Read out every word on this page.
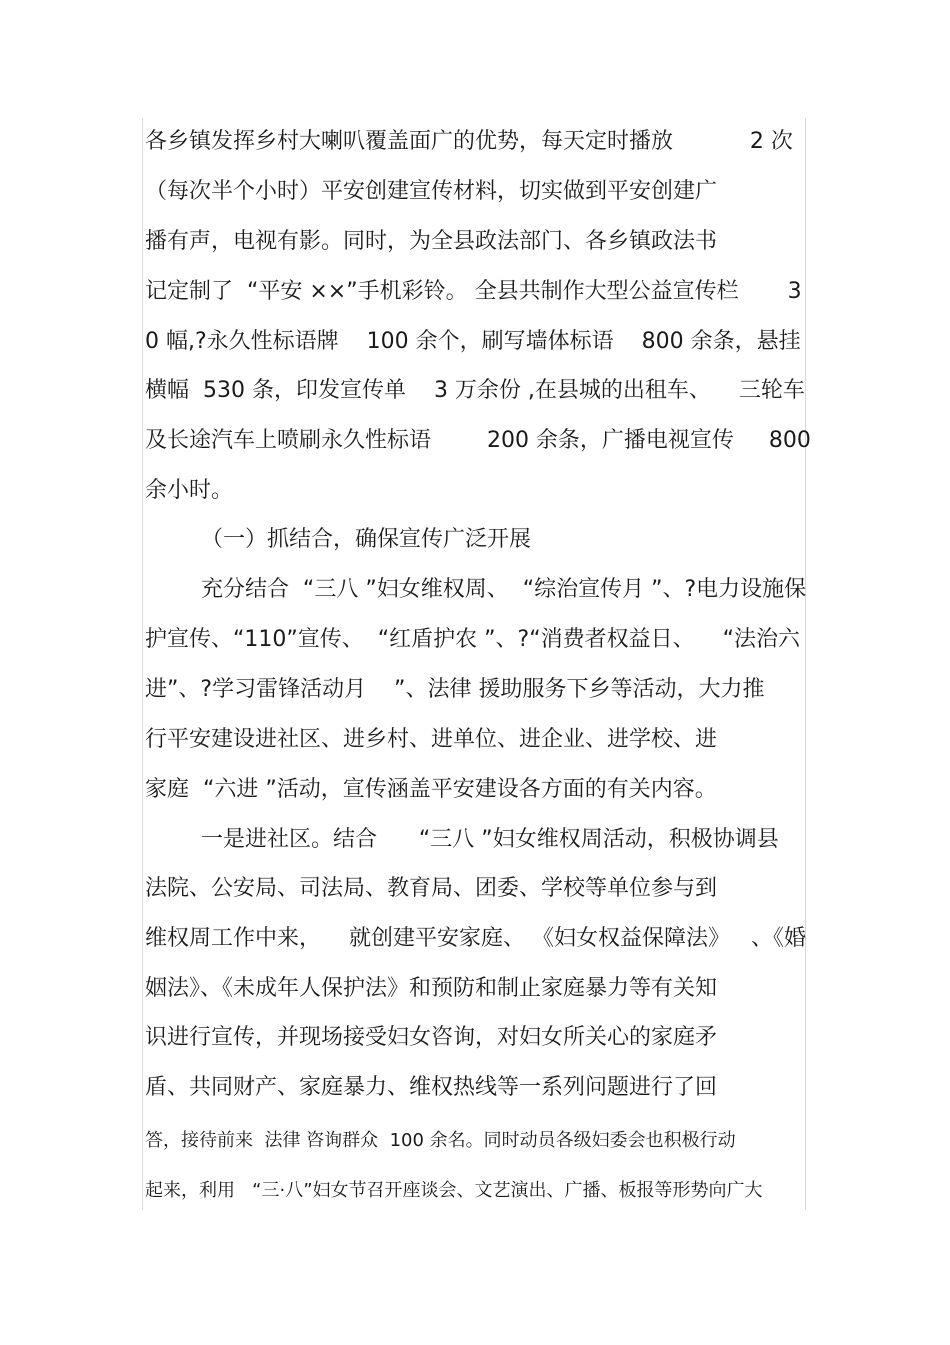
各乡镇发挥乡村大喇叭覆盖面广的优势，每天定时播放           2 次
（每次半个小时）平安创建宣传材料，切实做到平安创建广
播有声，电视有影。同时，为全县政法部门、各乡镇政法书
记定制了  “平安 ××”手机彩铃。 全县共制作大型公益宣传栏       3
0 幅,?永久性标语牌    100 余个，刷写墙体标语    800 余条，悬挂
横幅  530 条，印发宣传单    3 万余份 ,在县城的出租车、    三轮车
及长途汽车上喷刷永久性标语        200 余条，广播电视宣传     800
余小时。
（一）抓结合，确保宣传广泛开展
充分结合  “三八 ”妇女维权周、  “综治宣传月 ”、?电力设施保
护宣传、“110”宣传、  “红盾护农 ”、?“消费者权益日、    “法治六
进”、?学习雷锋活动月    ”、法律 援助服务下乡等活动，大力推
行平安建设进社区、进乡村、进单位、进企业、进学校、进
家庭  “六进 ”活动，宣传涵盖平安建设各方面的有关内容。
一是进社区。结合      “三八 ”妇女维权周活动，积极协调县
法院、公安局、司法局、教育局、团委、学校等单位参与到
维权周工作中来，    就创建平安家庭、 《妇女权益保障法》   、《婚
姻法》、《未成年人保护法》和预防和制止家庭暴力等有关知
识进行宣传，并现场接受妇女咨询，对妇女所关心的家庭矛
盾、共同财产、家庭暴力、维权热线等一系列问题进行了回
答，接待前来  法律 咨询群众  100 余名。同时动员各级妇委会也积极行动
起来，利用   “三·八”妇女节召开座谈会、文艺演出、广播、板报等形势向广大
